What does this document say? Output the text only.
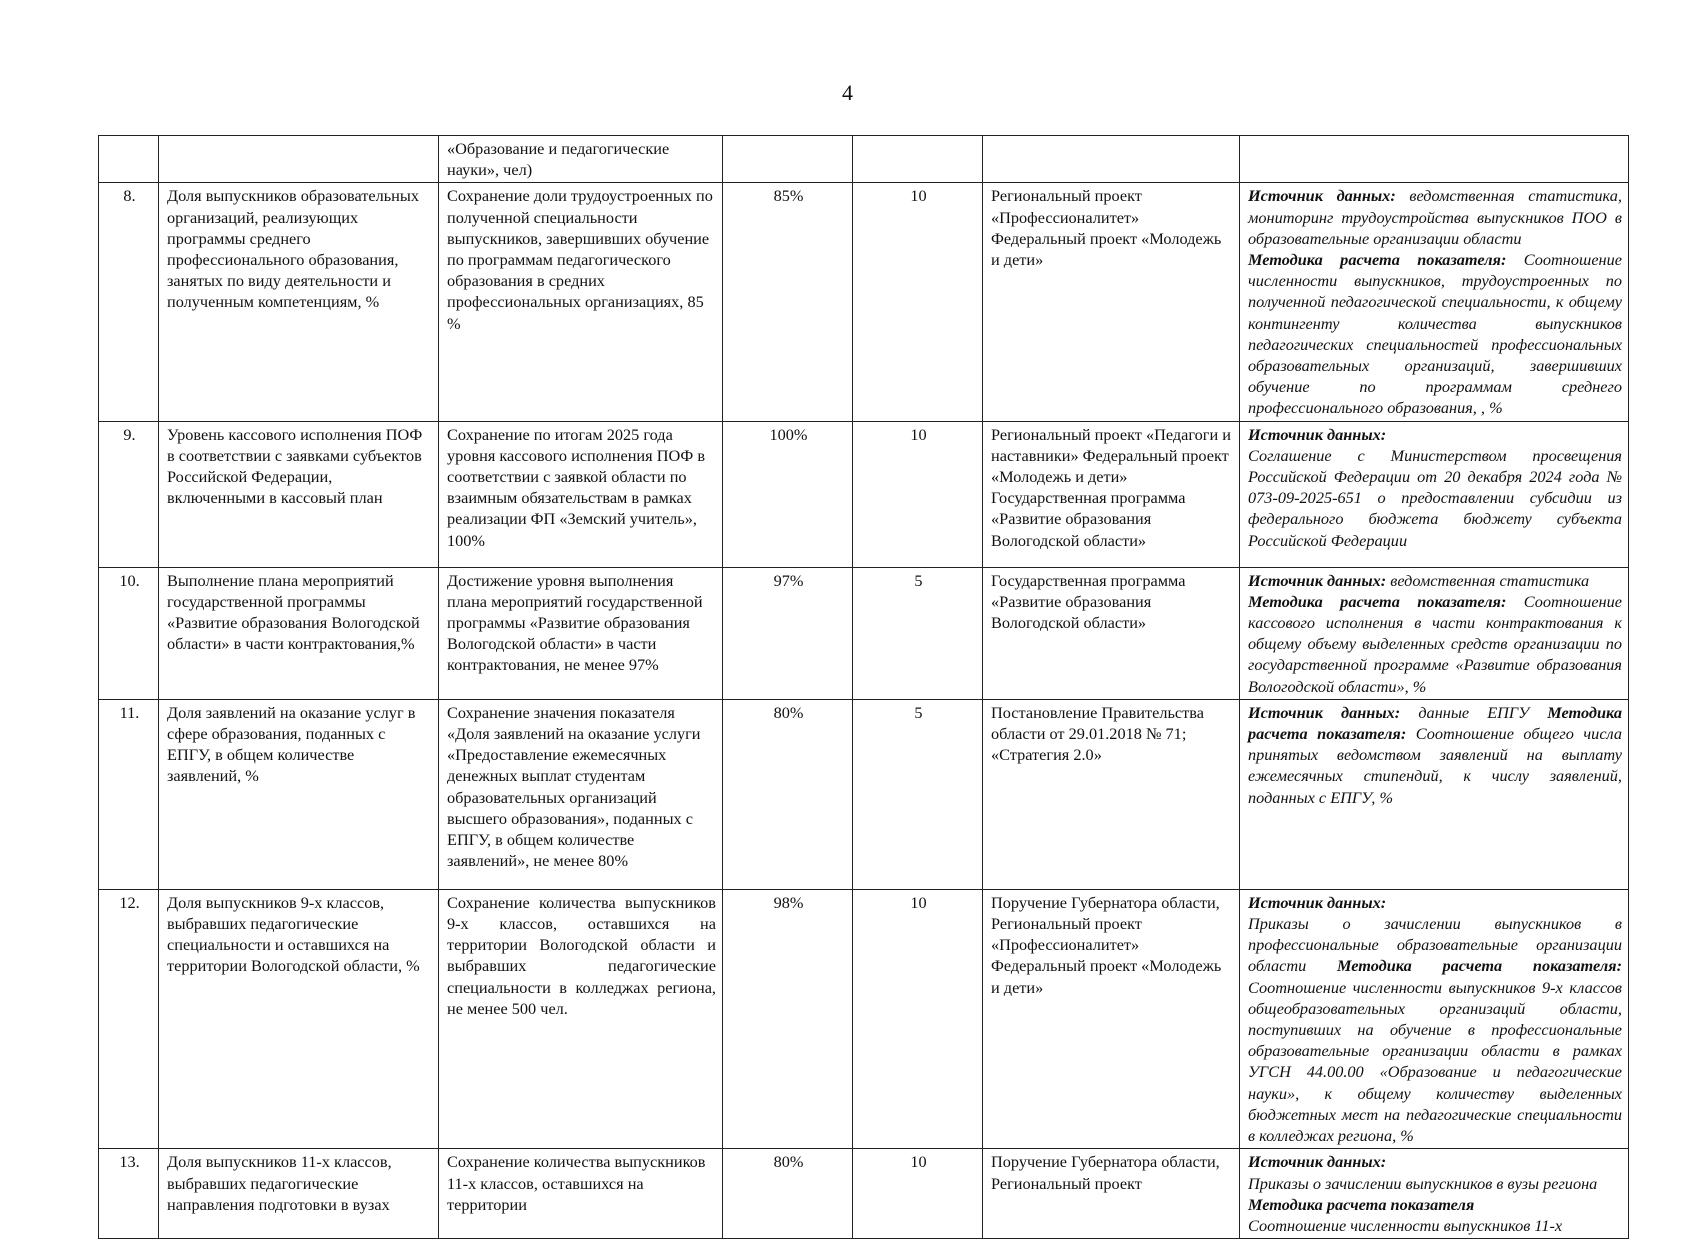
4
		«Образование и педагогические науки», чел)				
8.	Доля выпускников образовательных организаций, реализующих программы среднего профессионального образования, занятых по виду деятельности и полученным компетенциям, %	Сохранение доли трудоустроенных по полученной специальности выпускников, завершивших обучение по программам педагогического образования в средних профессиональных организациях, 85 %	85%	10	Региональный проект «Профессионалитет» Федеральный проект «Молодежь и дети»	Источник данных: ведомственная статистика, мониторинг трудоустройства выпускников ПОО в образовательные организации области
Методика расчета показателя: Соотношение численности выпускников, трудоустроенных по полученной педагогической специальности, к общему контингенту количества выпускников педагогических специальностей профессиональных образовательных организаций, завершивших обучение по программам среднего профессионального образования, , %
9.	Уровень кассового исполнения ПОФ в соответствии с заявками субъектов Российской Федерации, включенными в кассовый план	Сохранение по итогам 2025 года уровня кассового исполнения ПОФ в соответствии с заявкой области по взаимным обязательствам в рамках реализации ФП «Земский учитель», 100%	100%	10	Региональный проект «Педагоги и наставники» Федеральный проект «Молодежь и дети» Государственная программа «Развитие образования Вологодской области»	Источник данных:
Соглашение с Министерством просвещения Российской Федерации от 20 декабря 2024 года № 073-09-2025-651 о предоставлении субсидии из федерального бюджета бюджету субъекта Российской Федерации
10.	Выполнение плана мероприятий государственной программы «Развитие образования Вологодской области» в части контрактования,%	Достижение уровня выполнения плана мероприятий государственной программы «Развитие образования Вологодской области» в части контрактования, не менее 97%	97%	5	Государственная программа «Развитие образования Вологодской области»	Источник данных: ведомственная статистика
Методика расчета показателя: Соотношение кассового исполнения в части контрактования к общему объему выделенных средств организации по государственной программе «Развитие образования Вологодской области», %
11.	Доля заявлений на оказание услуг в сфере образования, поданных с ЕПГУ, в общем количестве заявлений, %	Сохранение значения показателя «Доля заявлений на оказание услуги «Предоставление ежемесячных денежных выплат студентам образовательных организаций высшего образования», поданных с ЕПГУ, в общем количестве заявлений», не менее 80%	80%	5	Постановление Правительства области от 29.01.2018 № 71; «Стратегия 2.0»	Источник данных: данные ЕПГУ Методика расчета показателя: Соотношение общего числа принятых ведомством заявлений на выплату ежемесячных стипендий, к числу заявлений, поданных с ЕПГУ, %
12.	Доля выпускников 9-х классов, выбравших педагогические специальности и оставшихся на территории Вологодской области, %	Сохранение количества выпускников 9-х классов, оставшихся на территории Вологодской области и выбравших педагогические специальности в колледжах региона, не менее 500 чел.	98%	10	Поручение Губернатора области, Региональный проект «Профессионалитет» Федеральный проект «Молодежь и дети»	Источник данных:
Приказы о зачислении выпускников в профессиональные образовательные организации области Методика расчета показателя: Соотношение численности выпускников 9-х классов общеобразовательных организаций области, поступивших на обучение в профессиональные образовательные организации области в рамках УГСН 44.00.00 «Образование и педагогические науки», к общему количеству выделенных бюджетных мест на педагогические специальности в колледжах региона, %
13.	Доля выпускников 11-х классов, выбравших педагогические направления подготовки в вузах	Сохранение количества выпускников 11-х классов, оставшихся на территории	80%	10	Поручение Губернатора области, Региональный проект	Источник данных:
Приказы о зачислении выпускников в вузы региона
Методика расчета показателя
Соотношение численности выпускников 11-х
